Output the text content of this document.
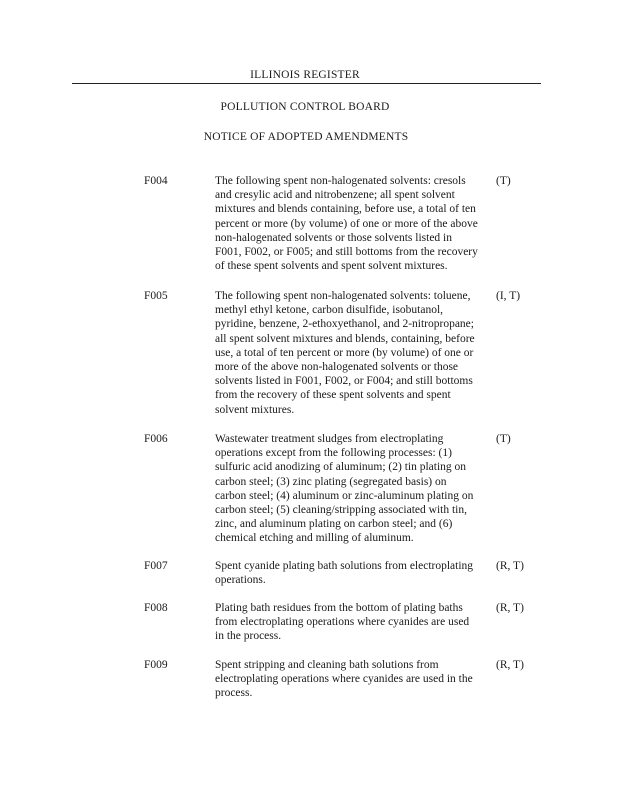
ILLINOIS REGISTER
POLLUTION CONTROL BOARD
NOTICE OF ADOPTED AMENDMENTS
F004	The following spent non-halogenated solvents: cresols
and cresylic acid and nitrobenzene; all spent solvent
mixtures and blends containing, before use, a total of ten
percent or more (by volume) of one or more of the above
non-halogenated solvents or those solvents listed in
F001, F002, or F005; and still bottoms from the recovery
of these spent solvents and spent solvent mixtures.
(T)
F005	The following spent non-halogenated solvents: toluene,
methyl ethyl ketone, carbon disulfide, isobutanol,
pyridine, benzene, 2-ethoxyethanol, and 2-nitropropane;
all spent solvent mixtures and blends, containing, before
use, a total of ten percent or more (by volume) of one or
more of the above non-halogenated solvents or those
solvents listed in F001, F002, or F004; and still bottoms
from the recovery of these spent solvents and spent
solvent mixtures.
(I, T)
F006	Wastewater treatment sludges from electroplating
operations except from the following processes: (1)
sulfuric acid anodizing of aluminum; (2) tin plating on
carbon steel; (3) zinc plating (segregated basis) on
carbon steel; (4) aluminum or zinc-aluminum plating on
carbon steel; (5) cleaning/stripping associated with tin,
zinc, and aluminum plating on carbon steel; and (6)
chemical etching and milling of aluminum.
(T)
F007	Spent cyanide plating bath solutions from electroplating
operations.
(R, T)
F008	Plating bath residues from the bottom of plating baths
from electroplating operations where cyanides are used
in the process.
(R, T)
F009	Spent stripping and cleaning bath solutions from
electroplating operations where cyanides are used in the
process.
(R, T)
